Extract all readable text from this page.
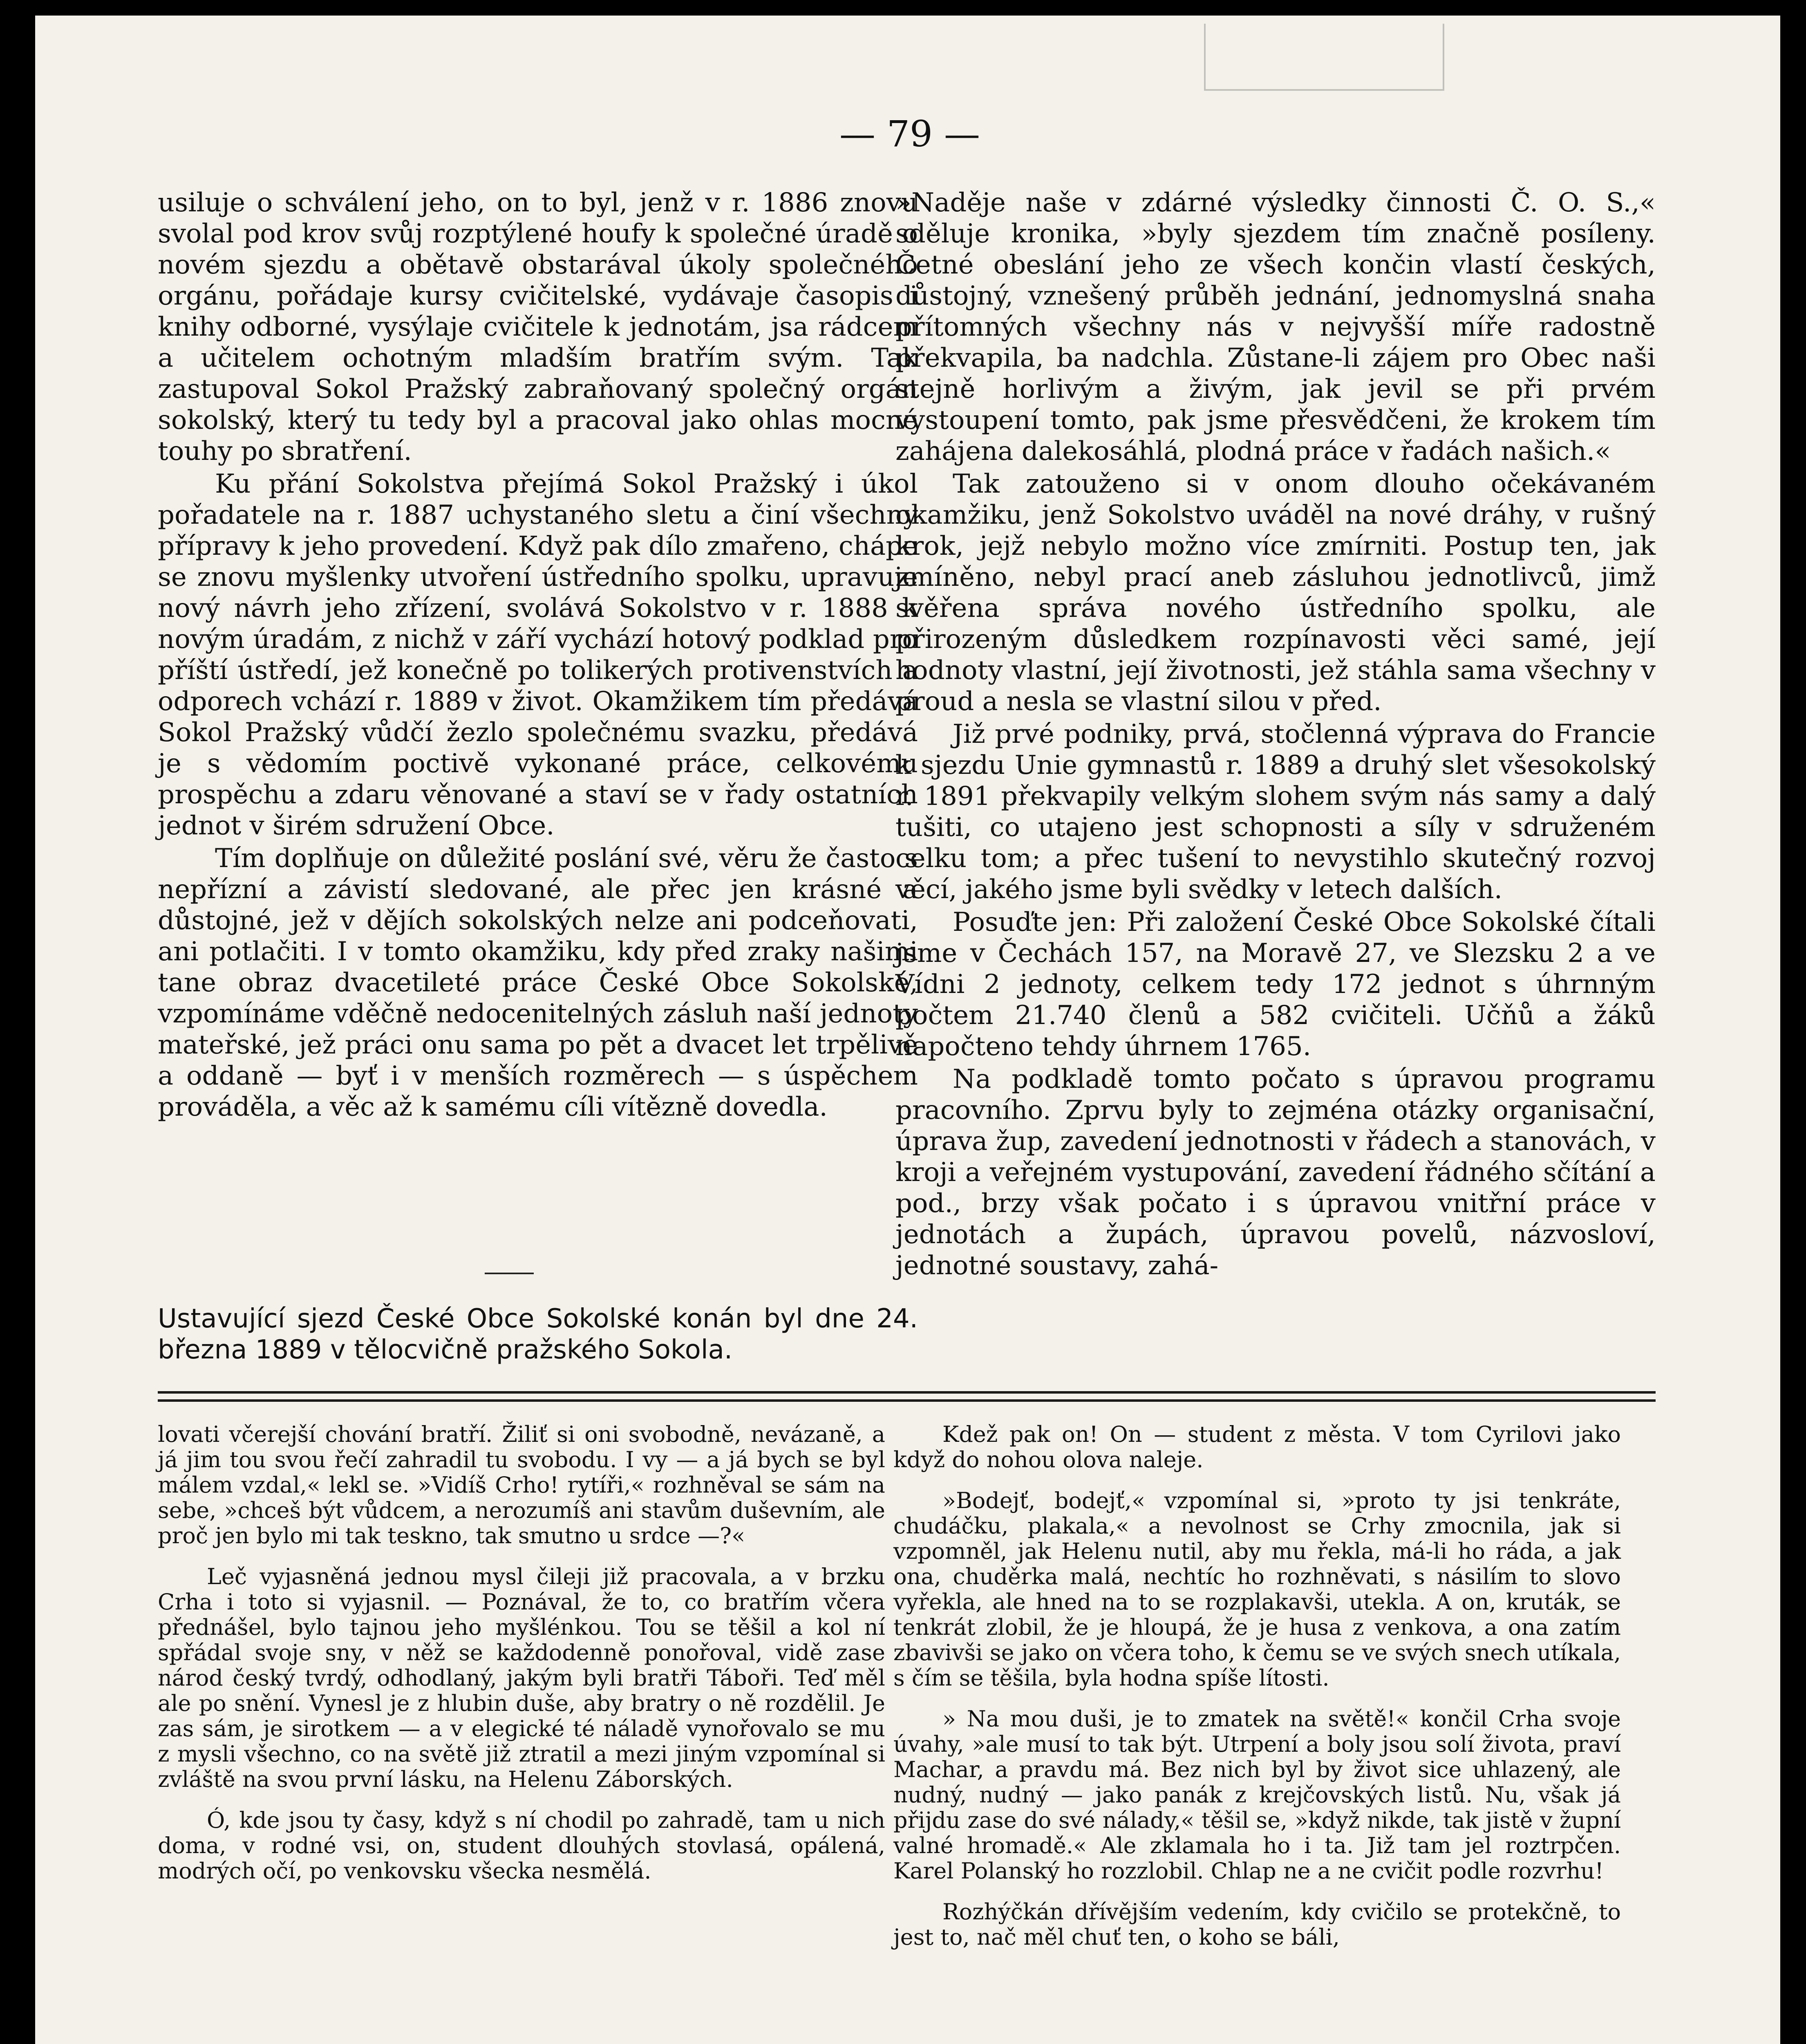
— 79 —

usiluje o schválení jeho, on to byl, jenž v r. 1886 znovu svolal pod krov svůj rozptýlené houfy k společné úradě o novém sjezdu a obětavě obstarával úkoly společného orgánu, pořádaje kursy cvičitelské, vydávaje časopis i knihy odborné, vysýlaje cvičitele k jednotám, jsa rádcem a učitelem ochotným mladším bratřím svým. Tak zastupoval Sokol Pražský zabraňovaný společný orgán sokolský, který tu tedy byl a pracoval jako ohlas mocné touhy po sbratření.

Ku přání Sokolstva přejímá Sokol Pražský i úkol pořadatele na r. 1887 uchystaného sletu a činí všechny přípravy k jeho provedení. Když pak dílo zmařeno, chápe se znovu myšlenky utvoření ústředního spolku, upravuje nový návrh jeho zřízení, svolává Sokolstvo v r. 1888 k novým úradám, z nichž v září vychází hotový podklad pro příští ústředí, jež konečně po tolikerých protivenstvích a odporech vchází r. 1889 v život. Okamžikem tím předává Sokol Pražský vůdčí žezlo společnému svazku, předává je s vědomím poctivě vykonané práce, celkovému prospěchu a zdaru věnované a staví se v řady ostatních jednot v širém sdružení Obce.

Tím doplňuje on důležité poslání své, věru že často s nepřízní a závistí sledované, ale přec jen krásné a důstojné, jež v dějích sokolských nelze ani podceňovati, ani potlačiti. I v tomto okamžiku, kdy před zraky našimi tane obraz dvacetileté práce České Obce Sokolské, vzpomínáme vděčně nedocenitelných zásluh naší jednoty mateřské, jež práci onu sama po pět a dvacet let trpělivě a oddaně — byť i v menších rozměrech — s úspěchem prováděla, a věc až k samému cíli vítězně dovedla.

Ustavující sjezd České Obce Sokolské konán byl dne 24. března 1889 v tělocvičně pražského Sokola.

»Naděje naše v zdárné výsledky činnosti Č. O. S.,« sděluje kronika, »byly sjezdem tím značně posíleny. Četné obeslání jeho ze všech končin vlastí českých, důstojný, vznešený průběh jednání, jednomyslná snaha přítomných všechny nás v nejvyšší míře radostně překvapila, ba nadchla. Zůstane-li zájem pro Obec naši stejně horlivým a živým, jak jevil se při prvém vystoupení tomto, pak jsme přesvědčeni, že krokem tím zahájena dalekosáhlá, plodná práce v řadách našich.«

Tak zatouženo si v onom dlouho očekávaném okamžiku, jenž Sokolstvo uváděl na nové dráhy, v rušný krok, jejž nebylo možno více zmírniti. Postup ten, jak zmíněno, nebyl prací aneb zásluhou jednotlivců, jimž svěřena správa nového ústředního spolku, ale přirozeným důsledkem rozpínavosti věci samé, její hodnoty vlastní, její životnosti, jež stáhla sama všechny v proud a nesla se vlastní silou v před.

Již prvé podniky, prvá, stočlenná výprava do Francie k sjezdu Unie gymnastů r. 1889 a druhý slet všesokolský r. 1891 překvapily velkým slohem svým nás samy a dalý tušiti, co utajeno jest schopnosti a síly v sdruženém celku tom; a přec tušení to nevystihlo skutečný rozvoj věcí, jakého jsme byli svědky v letech dalších.

Posuďte jen: Při založení České Obce Sokolské čítali jsme v Čechách 157, na Moravě 27, ve Slezsku 2 a ve Vídni 2 jednoty, celkem tedy 172 jednot s úhrnným počtem 21.740 členů a 582 cvičiteli. Učňů a žáků napočteno tehdy úhrnem 1765.

Na podkladě tomto počato s úpravou programu pracovního. Zprvu byly to zejména otázky organisační, úprava žup, zavedení jednotnosti v řádech a stanovách, v kroji a veřejném vystupování, zavedení řádného sčítání a pod., brzy však počato i s úpravou vnitřní práce v jednotách a župách, úpravou povelů, názvosloví, jednotné soustavy, zahá-

lovati včerejší chování bratří. Žiliť si oni svobodně, nevázaně, a já jim tou svou řečí zahradil tu svobodu. I vy — a já bych se byl málem vzdal,« lekl se. »Vidíš Crho! rytíři,« rozhněval se sám na sebe, »chceš být vůdcem, a nerozumíš ani stavům duševním, ale proč jen bylo mi tak teskno, tak smutno u srdce —?«

Leč vyjasněná jednou mysl čileji již pracovala, a v brzku Crha i toto si vyjasnil. — Poznával, že to, co bratřím včera přednášel, bylo tajnou jeho myšlénkou. Tou se těšil a kol ní spřádal svoje sny, v něž se každodenně ponořoval, vidě zase národ český tvrdý, odhodlaný, jakým byli bratři Táboři. Teď měl ale po snění. Vynesl je z hlubin duše, aby bratry o ně rozdělil. Je zas sám, je sirotkem — a v elegické té náladě vynořovalo se mu z mysli všechno, co na světě již ztratil a mezi jiným vzpomínal si zvláště na svou první lásku, na Helenu Záborských.

Ó, kde jsou ty časy, když s ní chodil po zahradě, tam u nich doma, v rodné vsi, on, student dlouhých stovlasá, opálená, modrých očí, po venkovsku všecka nesmělá.

Kdež pak on! On — student z města. V tom Cyrilovi jako když do nohou olova naleje.

»Bodejť, bodejť,« vzpomínal si, »proto ty jsi tenkráte, chudáčku, plakala,« a nevolnost se Crhy zmocnila, jak si vzpomněl, jak Helenu nutil, aby mu řekla, má-li ho ráda, a jak ona, chuděrka malá, nechtíc ho rozhněvati, s násilím to slovo vyřekla, ale hned na to se rozplakavši, utekla. A on, kruták, se tenkrát zlobil, že je hloupá, že je husa z venkova, a ona zatím zbavivši se jako on včera toho, k čemu se ve svých snech utíkala, s čím se těšila, byla hodna spíše lítosti.

» Na mou duši, je to zmatek na světě!« končil Crha svoje úvahy, »ale musí to tak být. Utrpení a boly jsou solí života, praví Machar, a pravdu má. Bez nich byl by život sice uhlazený, ale nudný, nudný — jako panák z krejčovských listů. Nu, však já přijdu zase do své nálady,« těšil se, »když nikde, tak jistě v župní valné hromadě.« Ale zklamala ho i ta. Již tam jel roztrpčen. Karel Polanský ho rozzlobil. Chlap ne a ne cvičit podle rozvrhu!

Rozhýčkán dřívějším vedením, kdy cvičilo se protekčně, to jest to, nač měl chuť ten, o koho se báli,
